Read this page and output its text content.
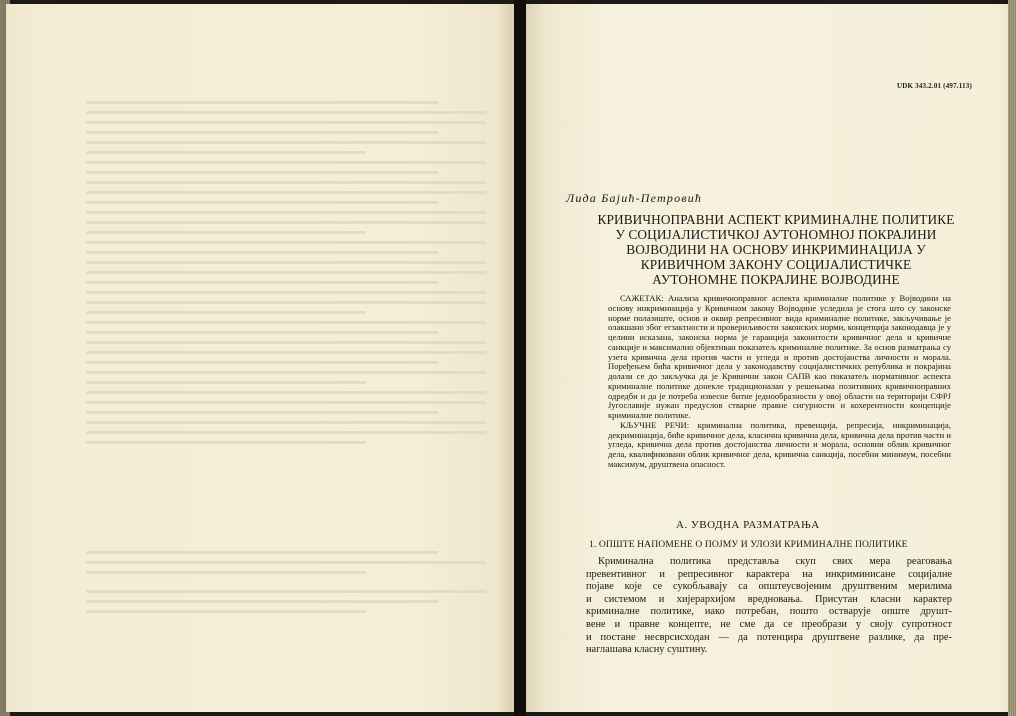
UDK 343.2.01 (497.113)
Лида Бајић-Петровић
КРИВИЧНОПРАВНИ АСПЕКТ КРИМИНАЛНЕ ПОЛИТИКЕ
У СОЦИЈАЛИСТИЧКОЈ АУТОНОМНОЈ ПОКРАЈИНИ
ВОЈВОДИНИ НА ОСНОВУ ИНКРИМИНАЦИЈА У
КРИВИЧНОМ ЗАКОНУ СОЦИЈАЛИСТИЧКЕ
АУТОНОМНЕ ПОКРАЈИНЕ ВОЈВОДИНЕ

САЖЕТАК: Анализа кривичноправног аспекта криминалне политике у Војводини на основу инкриминација у Кривичном закону Војводине уследила је стога што су законске норме полазиште, основ и оквир репресивног вида криминалне политике, закључивање је олакшано због егзактности и провериљивости законских норми, концепција законодавца је у целини исказана, законска норма је гаранција законитости кривичног дела и кривичне санкције и максимално објективан показатељ криминалне политике. За основ разматрања су узета кривична дела против части и угледа и против достојанства личности и морала. Поређењем бића кривичног дела у законодавству социјалистичких република и покрајина долази се до закључка да је Кривични закон САПВ као показатељ нормативног аспекта криминалне политике донекле традиционалан у решењима позитивних кривичноправних одредби и да је потреба извесне битне једнообразности у овој области на територији СФРЈ Југославије нужан предуслов стварне правне сигурности и кохерентности концепције криминалне политике.

КЉУЧНЕ РЕЧИ: криминална политика, превенција, репресија, инкриминација, декриминација, биће кривичног дела, класична кривична дела, кривична дела против части и угледа, кривична дела против достојанства личности и морала, основни облик кривичног дела, квалификовани облик кривичног дела, кривична санкција, посебни минимум, посебни максимум, друштвена опасност.

А. УВОДНА РАЗМАТРАЊА
1. ОПШТЕ НАПОМЕНЕ О ПОЈМУ И УЛОЗИ КРИМИНАЛНЕ ПОЛИТИКЕ
Криминална политика представља скуп свих мера реаговања
превентивног и репресивног карактера на инкриминисане социјалне
појаве које се сукобљавају са општеусвојеним друштвеним мерилима
и системом и хијерархијом вредновања. Присутан класни карактер
криминалне политике, иако потребан, пошто остварује опште друшт-
вене и правне концепте, не сме да се преобрази у своју супротност
и постане несврсисходан — да потенцира друштвене разлике, да пре-
наглашава класну суштину.
